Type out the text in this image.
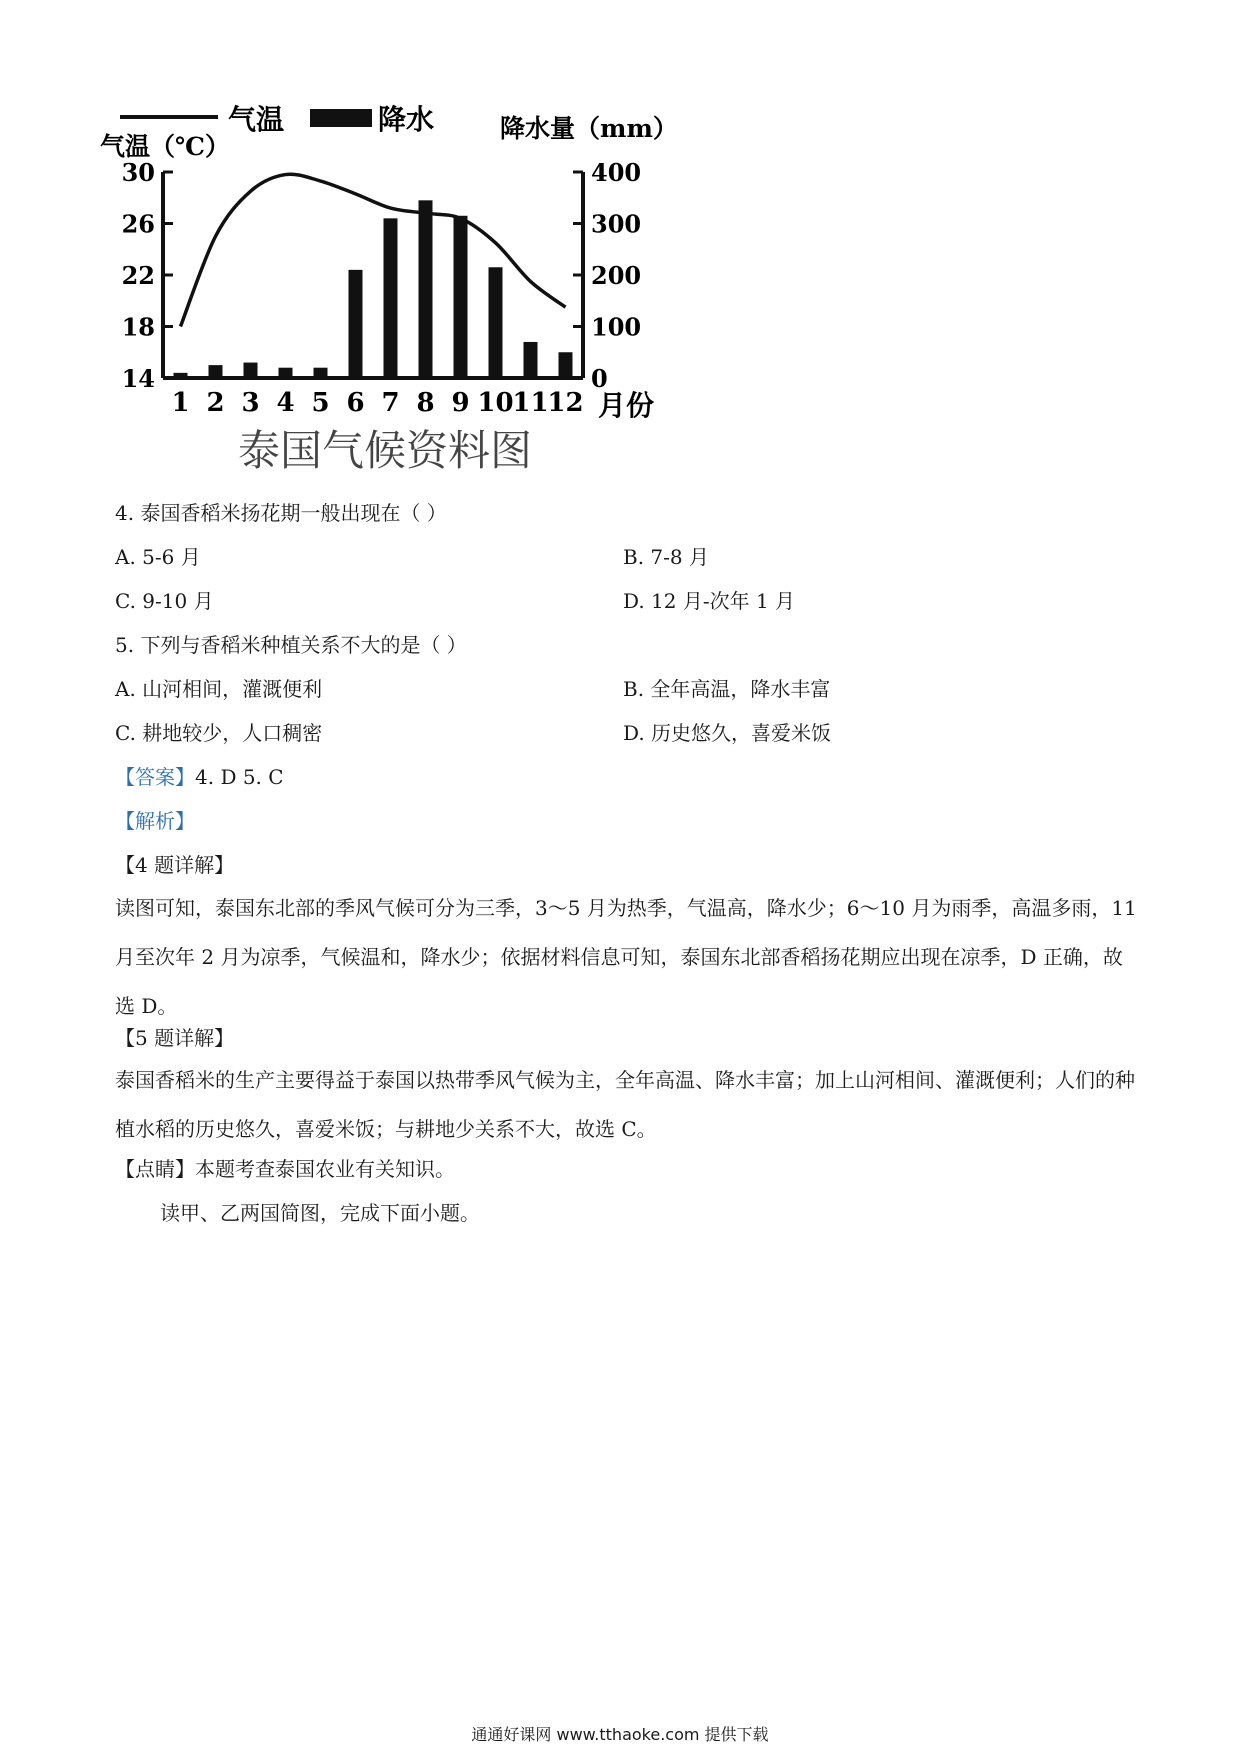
气温	降水
气温（℃）
降水量（mm）
30
26
22
18
14
400
300
200
100
0
1 2 3 4 5 6 7 8 9 10
11
12 月份
泰国气候资料图
4. 泰国香稻米扬花期一般出现在（ ）
A. 5-6 月	B. 7-8 月
C. 9-10 月	D. 12 月-次年 1 月
5. 下列与香稻米种植关系不大的是（ ）
A. 山河相间，灌溉便利	B. 全年高温，降水丰富
C. 耕地较少，人口稠密	D. 历史悠久，喜爱米饭
【答案】4. D 5. C
【解析】
【4 题详解】
读图可知，泰国东北部的季风气候可分为三季，3～5 月为热季，气温高，降水少；6～10 月为雨季，高温多雨，11 月至次年 2 月为凉季，气候温和，降水少；依据材料信息可知，泰国东北部香稻扬花期应出现在凉季，D 正确，故选 D。
【5 题详解】
泰国香稻米的生产主要得益于泰国以热带季风气候为主，全年高温、降水丰富；加上山河相间、灌溉便利；人们的种植水稻的历史悠久，喜爱米饭；与耕地少关系不大，故选 C。
【点睛】本题考查泰国农业有关知识。
读甲、乙两国简图，完成下面小题。
通通好课网 www.tthaoke.com 提供下载
